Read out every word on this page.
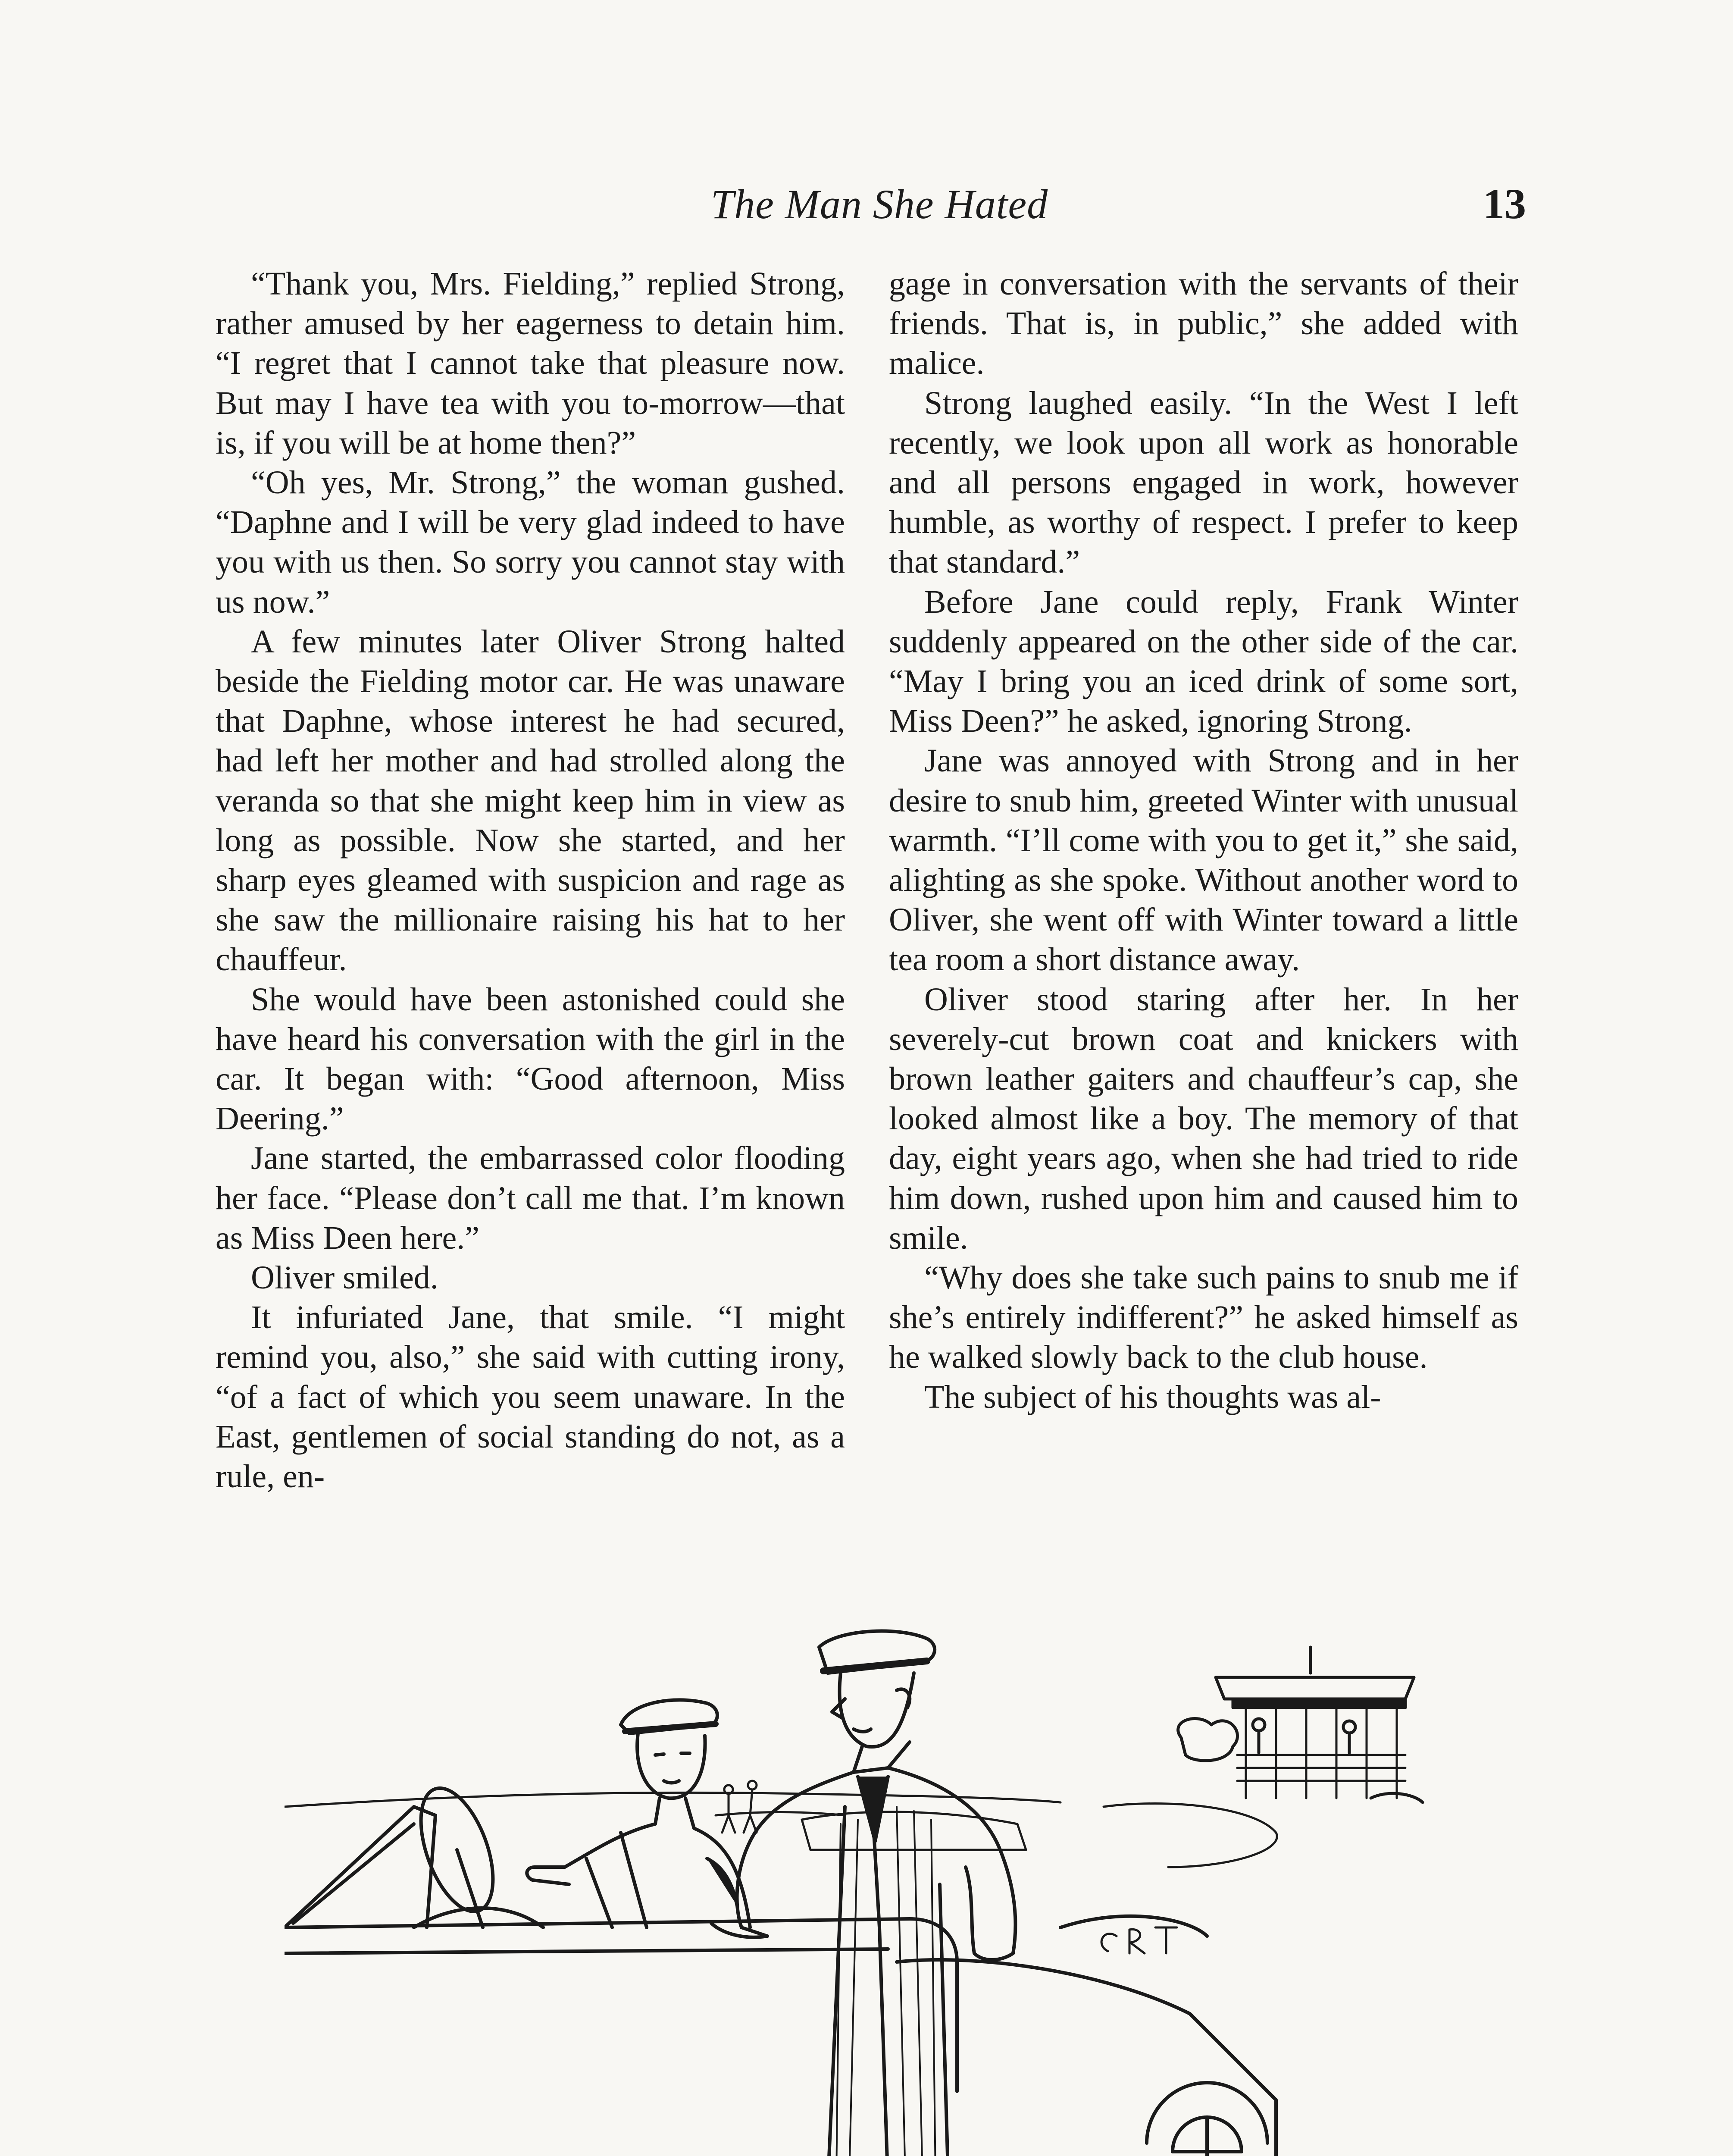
The Man She Hated	13

“Thank you, Mrs. Fielding,” replied Strong, rather amused by her eagerness to detain him. “I regret that I cannot take that pleasure now. But may I have tea with you to-morrow—that is, if you will be at home then?”

“Oh yes, Mr. Strong,” the woman gushed. “Daphne and I will be very glad indeed to have you with us then. So sorry you cannot stay with us now.”

A few minutes later Oliver Strong halted beside the Fielding motor car. He was unaware that Daphne, whose interest he had secured, had left her mother and had strolled along the veranda so that she might keep him in view as long as possible. Now she started, and her sharp eyes gleamed with suspicion and rage as she saw the millionaire raising his hat to her chauffeur.

She would have been astonished could she have heard his conversation with the girl in the car. It began with: “Good afternoon, Miss Deering.”

Jane started, the embarrassed color flooding her face. “Please don’t call me that. I’m known as Miss Deen here.”

Oliver smiled.

It infuriated Jane, that smile. “I might remind you, also,” she said with cutting irony, “of a fact of which you seem unaware. In the East, gentlemen of social standing do not, as a rule, en-

gage in conversation with the servants of their friends. That is, in public,” she added with malice.

Strong laughed easily. “In the West I left recently, we look upon all work as honorable and all persons engaged in work, however humble, as worthy of respect. I prefer to keep that standard.”

Before Jane could reply, Frank Winter suddenly appeared on the other side of the car. “May I bring you an iced drink of some sort, Miss Deen?” he asked, ignoring Strong.

Jane was annoyed with Strong and in her desire to snub him, greeted Winter with unusual warmth. “I’ll come with you to get it,” she said, alighting as she spoke. Without another word to Oliver, she went off with Winter toward a little tea room a short distance away.

Oliver stood staring after her. In her severely-cut brown coat and knickers with brown leather gaiters and chauffeur’s cap, she looked almost like a boy. The memory of that day, eight years ago, when she had tried to ride him down, rushed upon him and caused him to smile.

“Why does she take such pains to snub me if she’s entirely indifferent?” he asked himself as he walked slowly back to the club house.

The subject of his thoughts was al-
